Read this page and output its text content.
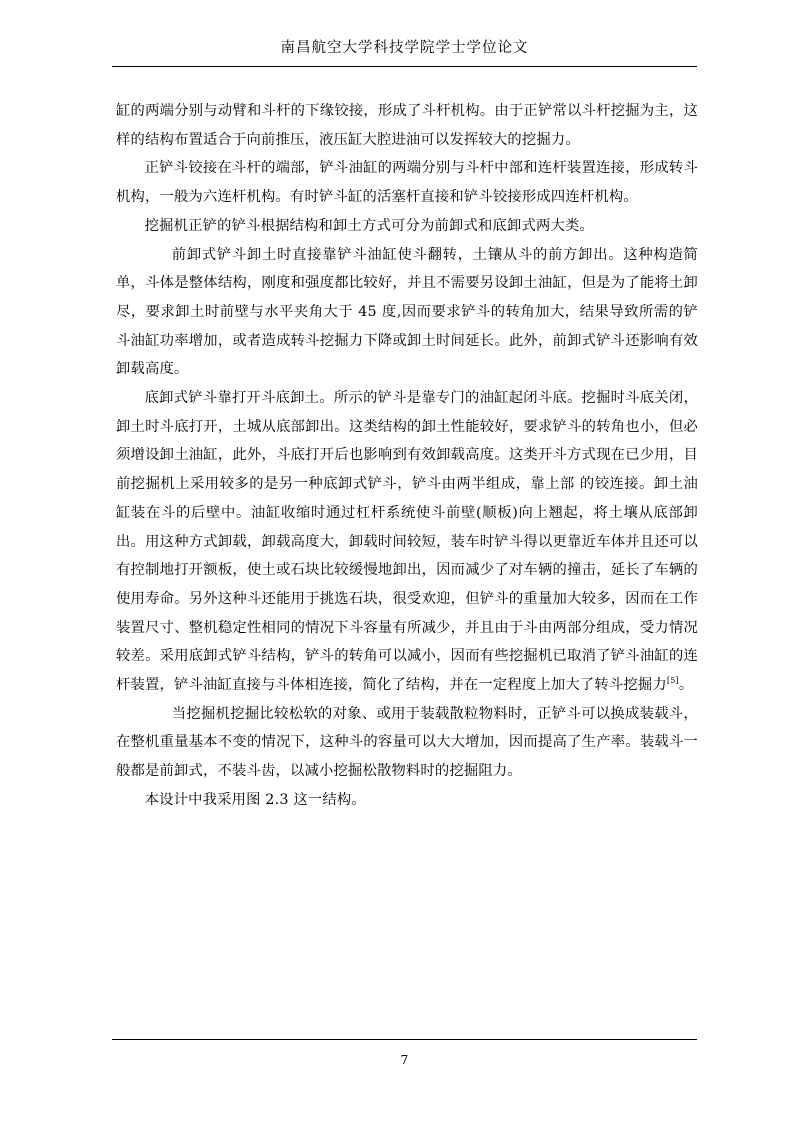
南昌航空大学科技学院学士学位论文

缸的两端分别与动臂和斗杆的下缘铰接，形成了斗杆机构。由于正铲常以斗杆挖掘为主，这样的结构布置适合于向前推压，液压缸大腔进油可以发挥较大的挖掘力。

正铲斗铰接在斗杆的端部，铲斗油缸的两端分别与斗杆中部和连杆装置连接，形成转斗机构，一般为六连杆机构。有时铲斗缸的活塞杆直接和铲斗铰接形成四连杆机构。

挖掘机正铲的铲斗根据结构和卸土方式可分为前卸式和底卸式两大类。

前卸式铲斗卸土时直接靠铲斗油缸使斗翻转，土镶从斗的前方卸出。这种构造简单，斗体是整体结构，刚度和强度都比较好，并且不需要另设卸土油缸，但是为了能将土卸尽，要求卸土时前壁与水平夹角大于 45 度,因而要求铲斗的转角加大，结果导致所需的铲斗油缸功率增加，或者造成转斗挖掘力下降或卸土时间延长。此外，前卸式铲斗还影响有效卸载高度。

底卸式铲斗靠打开斗底卸土。所示的铲斗是靠专门的油缸起闭斗底。挖掘时斗底关闭，卸土时斗底打开，土城从底部卸出。这类结构的卸土性能较好，要求铲斗的转角也小，但必须增设卸土油缸，此外，斗底打开后也影响到有效卸载高度。这类开斗方式现在已少用，目前挖掘机上采用较多的是另一种底卸式铲斗，铲斗由两半组成，靠上部 的铰连接。卸土油缸装在斗的后壁中。油缸收缩时通过杠杆系统使斗前壁(顺板)向上翘起，将土壤从底部卸出。用这种方式卸载，卸载高度大，卸载时间较短，装车时铲斗得以更靠近车体并且还可以有控制地打开额板，使土或石块比较缓慢地卸出，因而减少了对车辆的撞击，延长了车辆的使用寿命。另外这种斗还能用于挑选石块，很受欢迎，但铲斗的重量加大较多，因而在工作装置尺寸、整机稳定性相同的情况下斗容量有所减少，并且由于斗由两部分组成，受力情况较差。采用底卸式铲斗结构，铲斗的转角可以减小，因而有些挖掘机已取消了铲斗油缸的连杆装置，铲斗油缸直接与斗体相连接，简化了结构，并在一定程度上加大了转斗挖掘力[5]。

当挖掘机挖掘比较松软的对象、或用于装载散粒物料时，正铲斗可以换成装载斗，在整机重量基本不变的情况下，这种斗的容量可以大大增加，因而提高了生产率。装载斗一般都是前卸式，不装斗齿，以减小挖掘松散物料时的挖掘阻力。

本设计中我采用图 2.3 这一结构。

7
